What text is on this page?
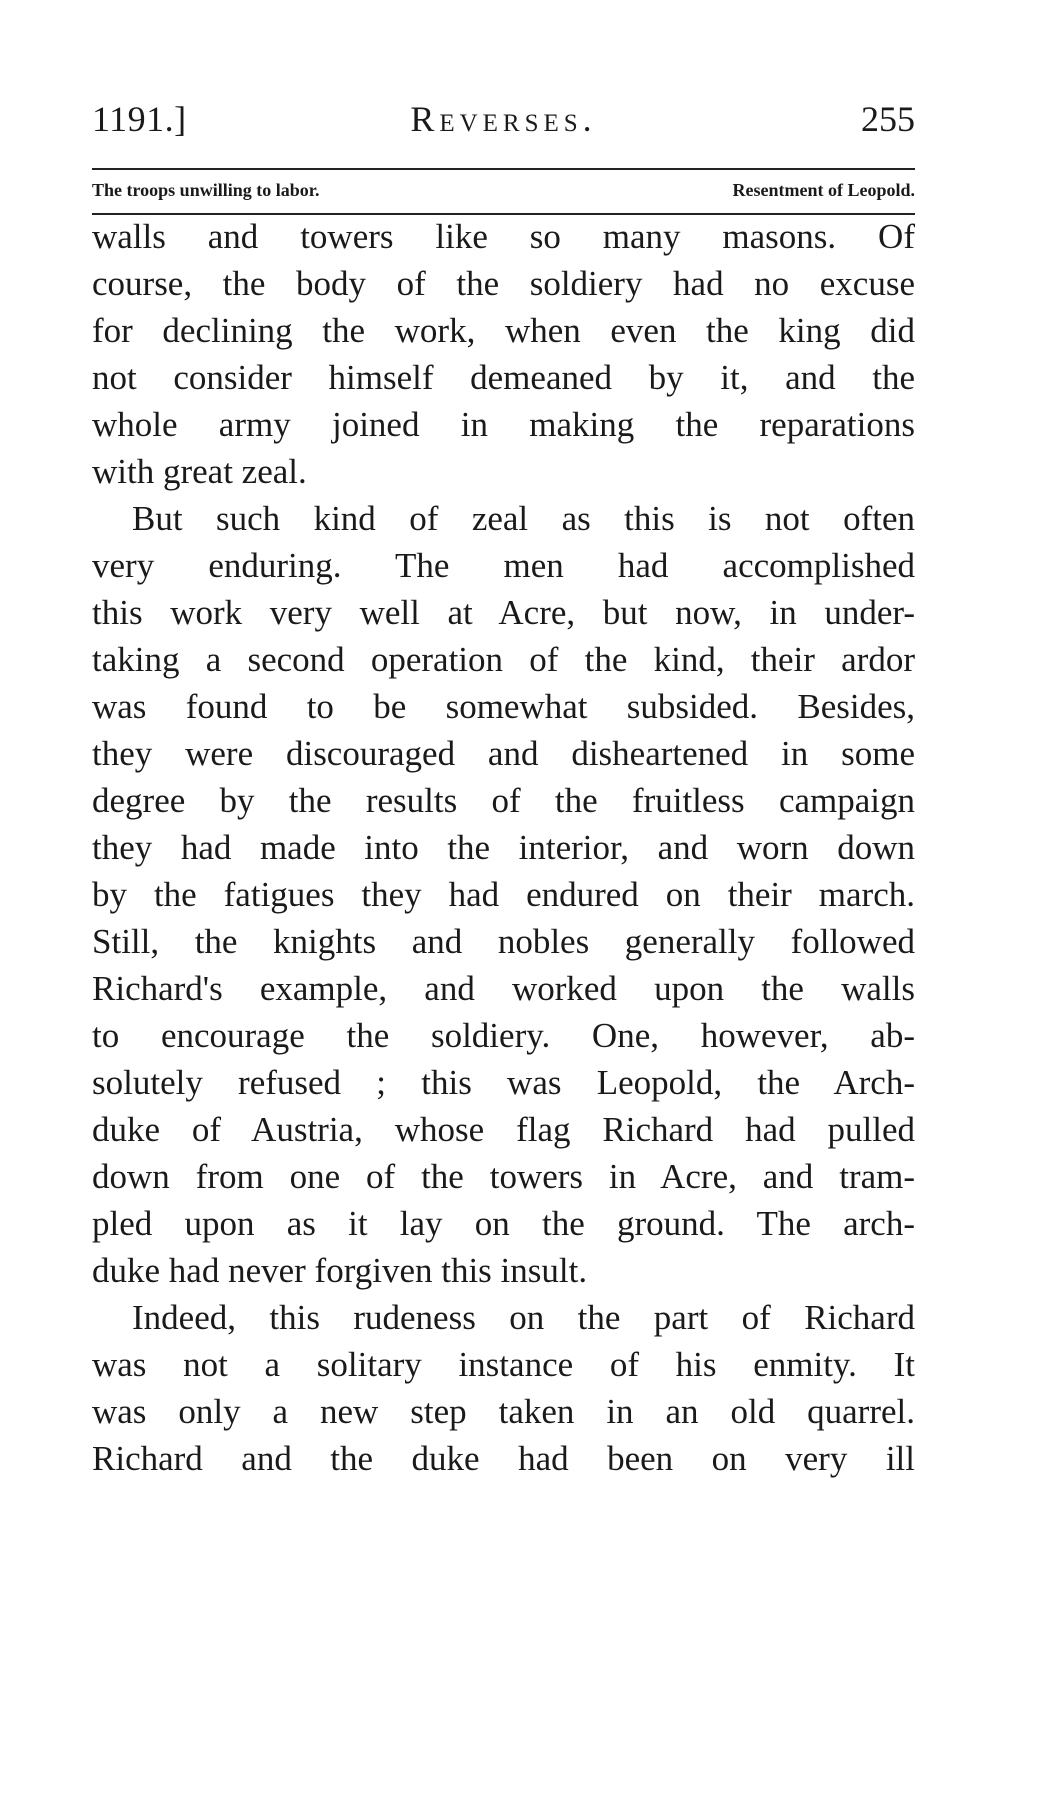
1191.]	Reverses.	255
The troops unwilling to labor.	Resentment of Leopold.
walls and towers like so many masons. Of
course, the body of the soldiery had no excuse
for declining the work, when even the king did
not consider himself demeaned by it, and the
whole army joined in making the reparations
with great zeal.
But such kind of zeal as this is not often
very enduring. The men had accomplished
this work very well at Acre, but now, in under-
taking a second operation of the kind, their ardor
was found to be somewhat subsided. Besides,
they were discouraged and disheartened in some
degree by the results of the fruitless campaign
they had made into the interior, and worn down
by the fatigues they had endured on their march.
Still, the knights and nobles generally followed
Richard's example, and worked upon the walls
to encourage the soldiery. One, however, ab-
solutely refused ; this was Leopold, the Arch-
duke of Austria, whose flag Richard had pulled
down from one of the towers in Acre, and tram-
pled upon as it lay on the ground. The arch-
duke had never forgiven this insult.
Indeed, this rudeness on the part of Richard
was not a solitary instance of his enmity. It
was only a new step taken in an old quarrel.
Richard and the duke had been on very ill
